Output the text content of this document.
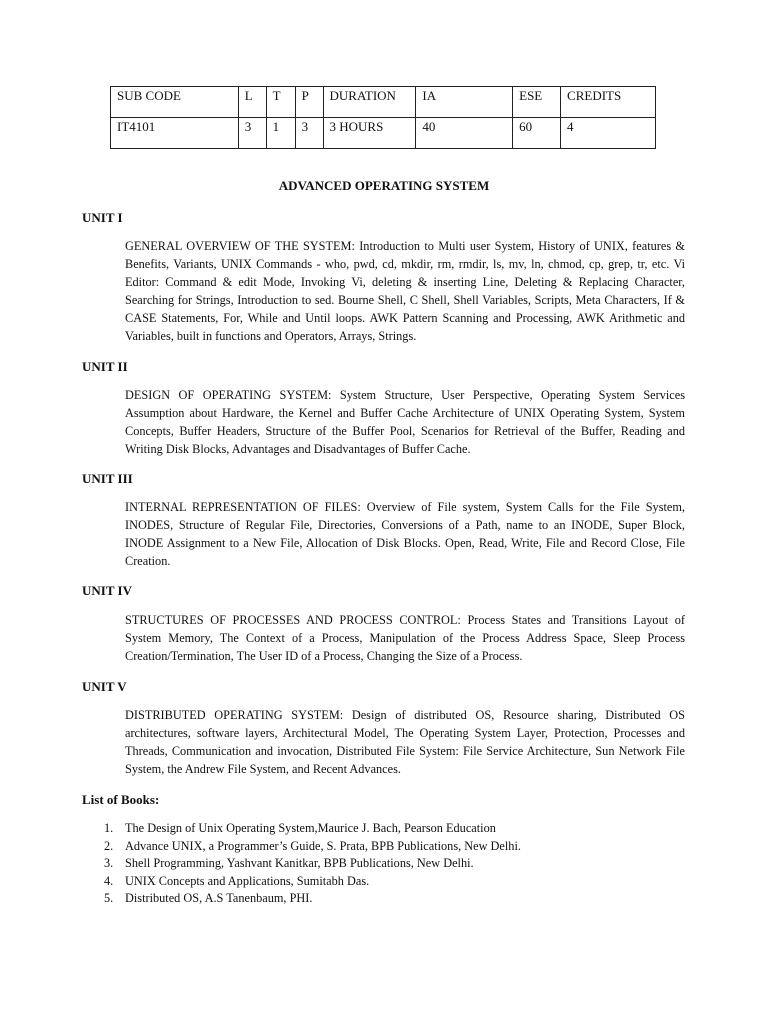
SUB CODE	L	T	P	DURATION	IA	ESE	CREDITS
IT4101	3	1	3	3 HOURS	40	60	4
ADVANCED OPERATING SYSTEM
UNIT I
GENERAL OVERVIEW OF THE SYSTEM: Introduction to Multi user System, History of UNIX, features & Benefits, Variants, UNIX Commands - who, pwd, cd, mkdir, rm, rmdir, ls, mv, ln, chmod, cp, grep, tr, etc. Vi Editor: Command & edit Mode, Invoking Vi, deleting & inserting Line, Deleting & Replacing Character, Searching for Strings, Introduction to sed. Bourne Shell, C Shell, Shell Variables, Scripts, Meta Characters, If & CASE Statements, For, While and Until loops. AWK Pattern Scanning and Processing, AWK Arithmetic and Variables, built in functions and Operators, Arrays, Strings.
UNIT II
DESIGN OF OPERATING SYSTEM: System Structure, User Perspective, Operating System Services Assumption about Hardware, the Kernel and Buffer Cache Architecture of UNIX Operating System, System Concepts, Buffer Headers, Structure of the Buffer Pool, Scenarios for Retrieval of the Buffer, Reading and Writing Disk Blocks, Advantages and Disadvantages of Buffer Cache.
UNIT III
INTERNAL REPRESENTATION OF FILES: Overview of File system, System Calls for the File System, INODES, Structure of Regular File, Directories, Conversions of a Path, name to an INODE, Super Block, INODE Assignment to a New File, Allocation of Disk Blocks. Open, Read, Write, File and Record Close, File Creation.
UNIT IV
STRUCTURES OF PROCESSES AND PROCESS CONTROL: Process States and Transitions Layout of System Memory, The Context of a Process, Manipulation of the Process Address Space, Sleep Process Creation/Termination, The User ID of a Process, Changing the Size of a Process.
UNIT V
DISTRIBUTED OPERATING SYSTEM: Design of distributed OS, Resource sharing, Distributed OS architectures, software layers, Architectural Model, The Operating System Layer, Protection, Processes and Threads, Communication and invocation, Distributed File System: File Service Architecture, Sun Network File System, the Andrew File System, and Recent Advances.
List of Books:
1. The Design of Unix Operating System,Maurice J. Bach, Pearson Education
2. Advance UNIX, a Programmer’s Guide, S. Prata, BPB Publications, New Delhi.
3. Shell Programming, Yashvant Kanitkar, BPB Publications, New Delhi.
4. UNIX Concepts and Applications, Sumitabh Das.
5. Distributed OS, A.S Tanenbaum, PHI.
